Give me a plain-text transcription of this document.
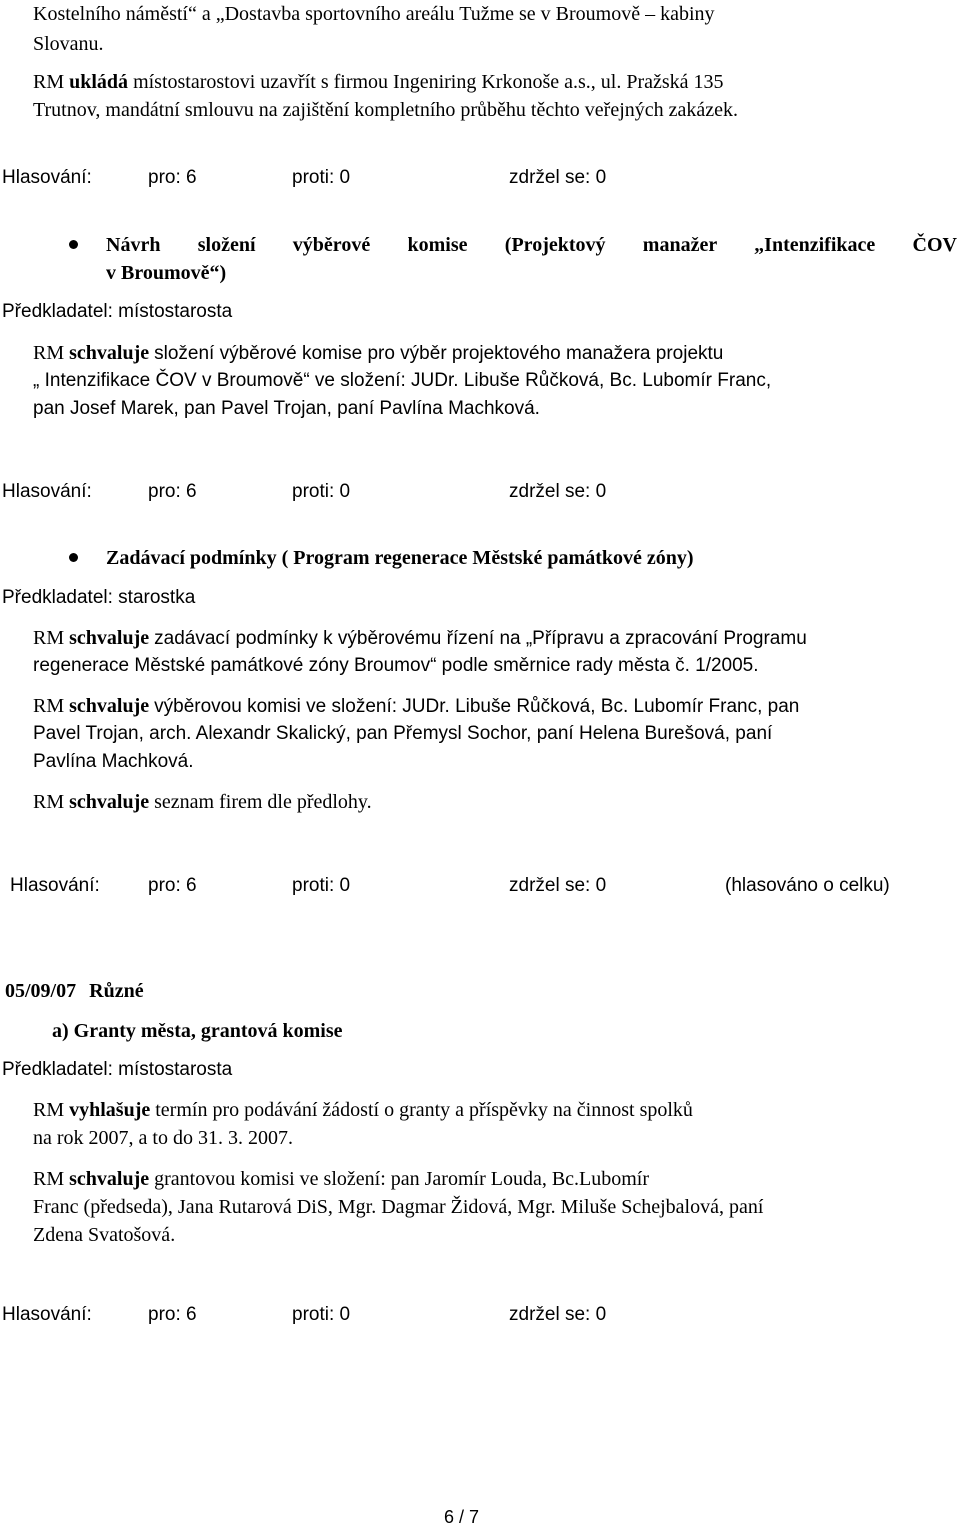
Kostelního náměstí“ a „Dostavba sportovního areálu Tužme se v Broumově – kabiny
Slovanu.
RM ukládá místostarostovi uzavřít s firmou Ingeniring Krkonoše a.s., ul. Pražská 135
Trutnov, mandátní smlouvu na zajištění kompletního průběhu těchto veřejných zakázek.
Hlasování:	pro: 6	proti: 0	zdržel se: 0
Návrh složení výběrové komise (Projektový manažer „Intenzifikace ČOV
v Broumově“)
Předkladatel: místostarosta
RM schvaluje složení výběrové komise pro výběr projektového manažera projektu
„ Intenzifikace ČOV v Broumově“ ve složení: JUDr. Libuše Růčková, Bc. Lubomír Franc,
pan Josef Marek, pan Pavel Trojan, paní Pavlína Machková.
Hlasování:	pro: 6	proti: 0	zdržel se: 0
Zadávací podmínky ( Program regenerace Městské památkové zóny)
Předkladatel: starostka
RM schvaluje zadávací podmínky k výběrovému řízení na „Přípravu a zpracování Programu
regenerace Městské památkové zóny Broumov“ podle směrnice rady města č. 1/2005.
RM schvaluje výběrovou komisi ve složení: JUDr. Libuše Růčková, Bc. Lubomír Franc, pan
Pavel Trojan, arch. Alexandr Skalický, pan Přemysl Sochor, paní Helena Burešová, paní
Pavlína Machková.
RM schvaluje seznam firem dle předlohy.
Hlasování:	pro: 6	proti: 0	zdržel se: 0	(hlasováno o celku)
05/09/07 Různé
a) Granty města, grantová komise
Předkladatel: místostarosta
RM vyhlašuje termín pro podávání žádostí o granty a příspěvky na činnost spolků
na rok 2007, a to do 31. 3. 2007.
RM schvaluje grantovou komisi ve složení: pan Jaromír Louda, Bc.Lubomír
Franc (předseda), Jana Rutarová DiS, Mgr. Dagmar Židová, Mgr. Miluše Schejbalová, paní
Zdena Svatošová.
Hlasování:	pro: 6	proti: 0	zdržel se: 0
6 / 7
